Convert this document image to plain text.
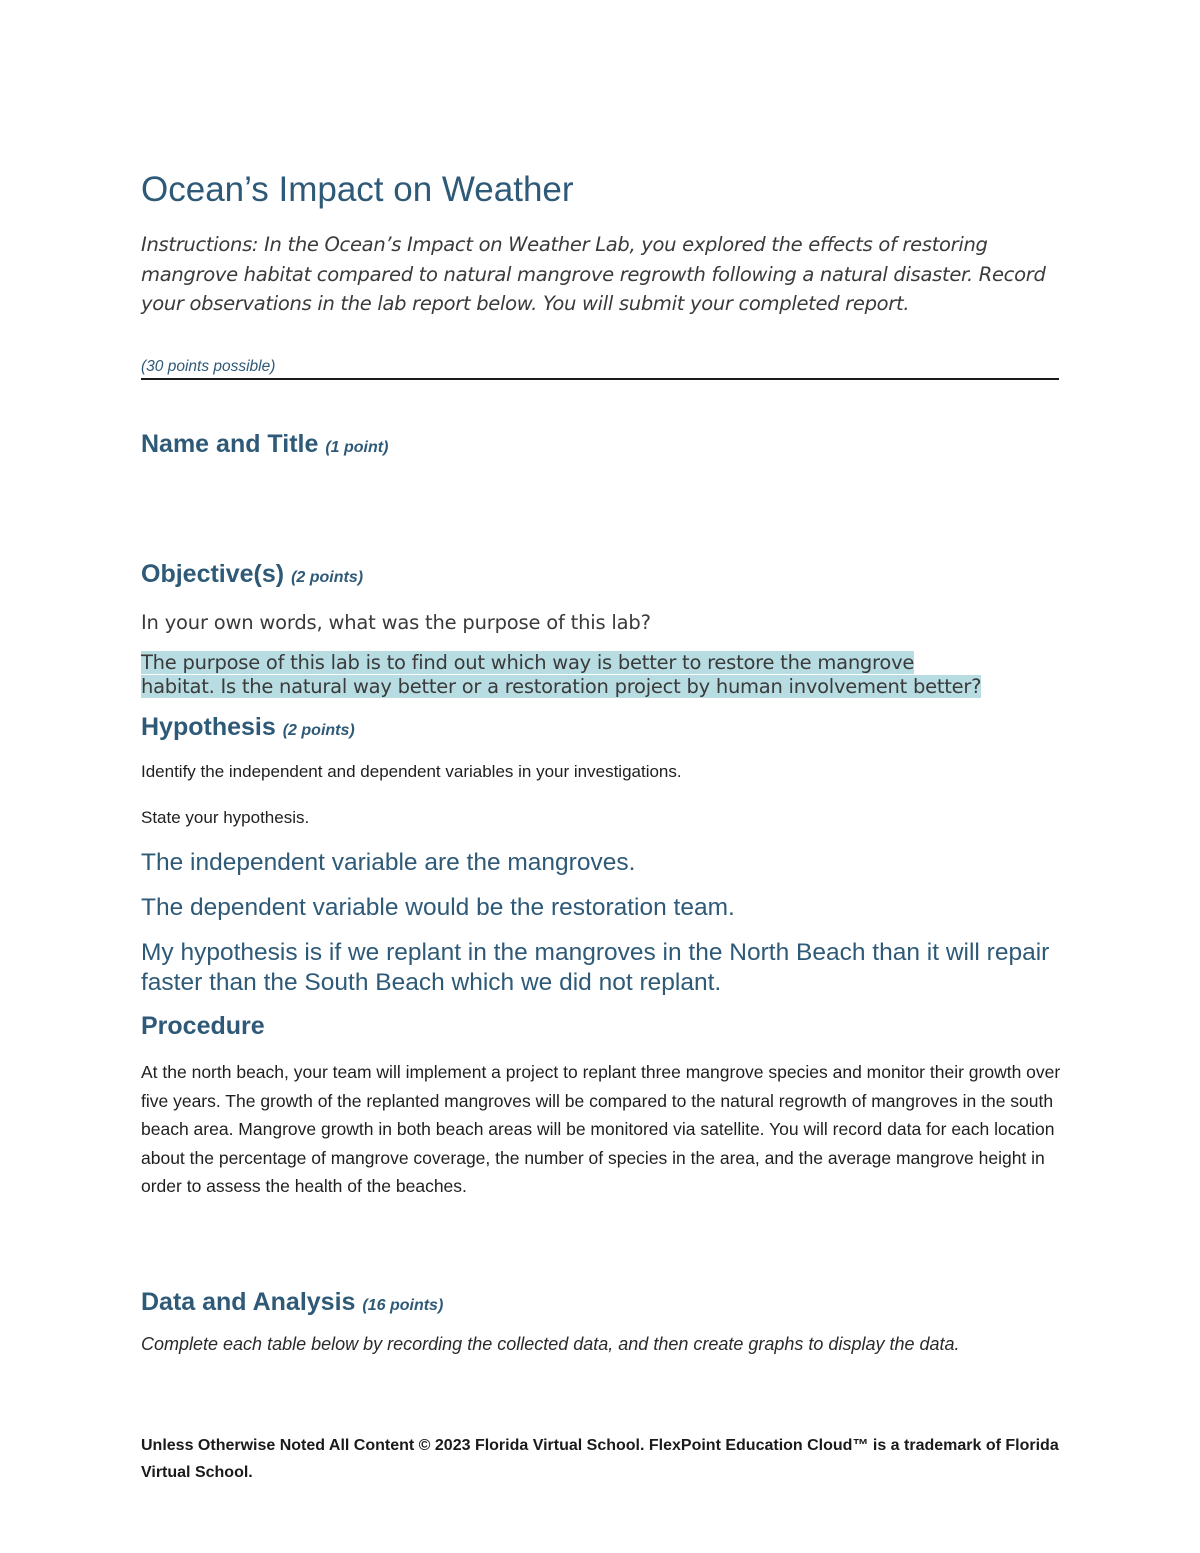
Ocean’s Impact on Weather

Instructions: In the Ocean’s Impact on Weather Lab, you explored the effects of restoring mangrove habitat compared to natural mangrove regrowth following a natural disaster. Record your observations in the lab report below. You will submit your completed report.

(30 points possible)

Name and Title (1 point)
Objective(s) (2 points)

In your own words, what was the purpose of this lab?

The purpose of this lab is to find out which way is better to restore the mangrove
habitat. Is the natural way better or a restoration project by human involvement better?

Hypothesis (2 points)

Identify the independent and dependent variables in your investigations.

State your hypothesis.

The independent variable are the mangroves.

The dependent variable would be the restoration team.

My hypothesis is if we replant in the mangroves in the North Beach than it will repair faster than the South Beach which we did not replant.

Procedure

At the north beach, your team will implement a project to replant three mangrove species and monitor their growth over five years. The growth of the replanted mangroves will be compared to the natural regrowth of mangroves in the south beach area. Mangrove growth in both beach areas will be monitored via satellite. You will record data for each location about the percentage of mangrove coverage, the number of species in the area, and the average mangrove height in order to assess the health of the beaches.

Data and Analysis (16 points)

Complete each table below by recording the collected data, and then create graphs to display the data.

Unless Otherwise Noted All Content © 2023 Florida Virtual School. FlexPoint Education Cloud™ is a trademark of Florida Virtual School.
